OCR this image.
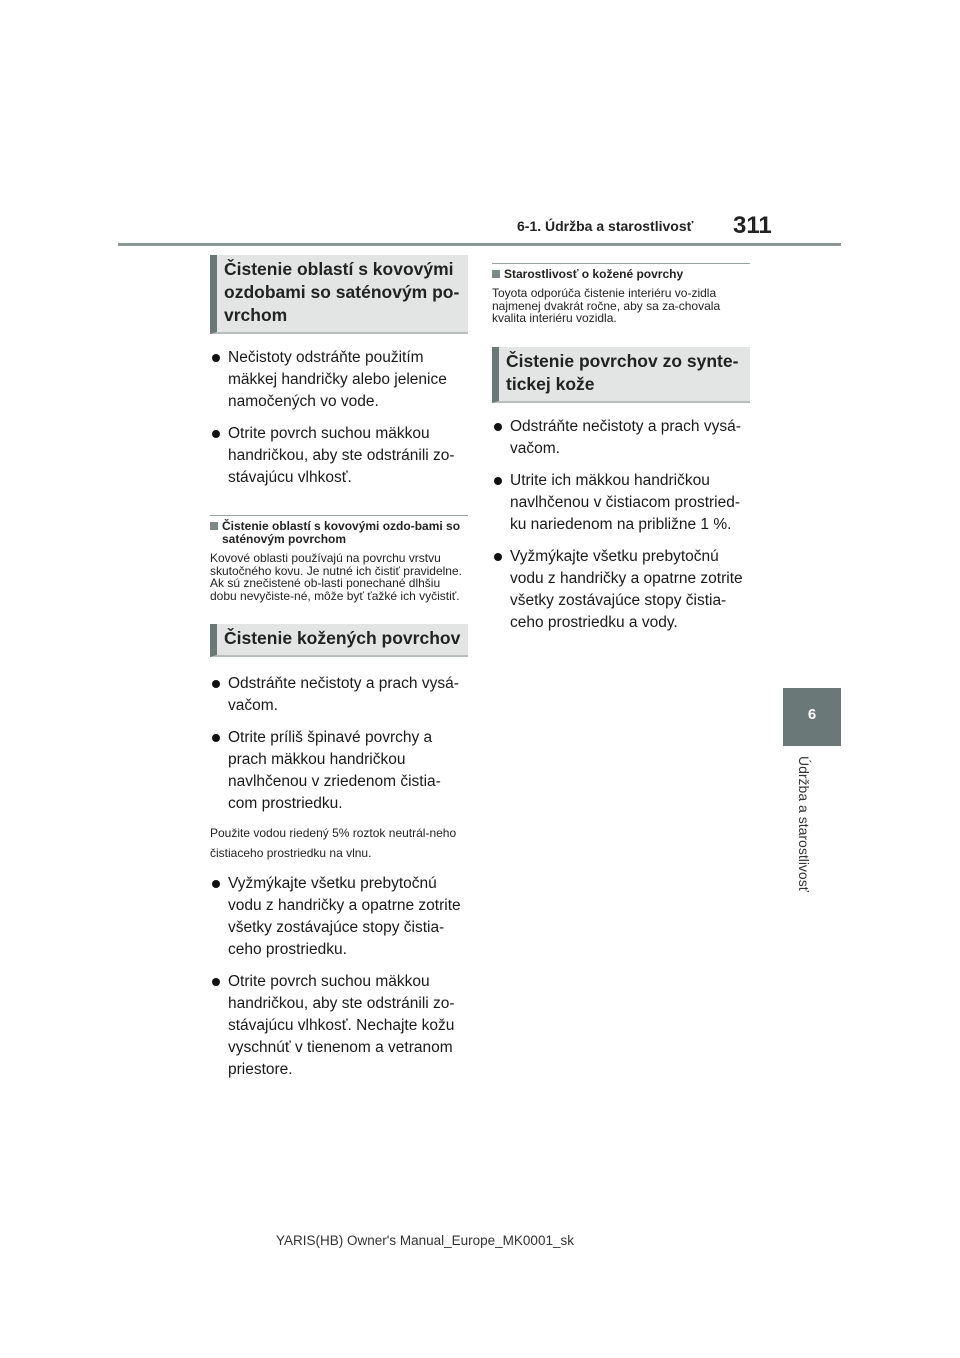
6-1. Údržba a starostlivosť 311
6
Údržba a starostlivosť
Čistenie oblastí s kovovými ozdobami so saténovým po-vrchom
Nečistoty odstráňte použitím mäkkej handričky alebo jelenice namočených vo vode.
Otrite povrch suchou mäkkou handričkou, aby ste odstránili zo-stávajúcu vlhkosť.
Čistenie oblastí s kovovými ozdo-bami so saténovým povrchom
Kovové oblasti používajú na povrchu vrstvu skutočného kovu. Je nutné ich čistiť pravidelne. Ak sú znečistené ob-lasti ponechané dlhšiu dobu nevyčiste-né, môže byť ťažké ich vyčistiť.
Čistenie kožených povrchov
Odstráňte nečistoty a prach vysá-vačom.
Otrite príliš špinavé povrchy a prach mäkkou handričkou navlhčenou v zriedenom čistia-com prostriedku.
Použite vodou riedený 5% roztok neutrál-neho čistiaceho prostriedku na vlnu.
Vyžmýkajte všetku prebytočnú vodu z handričky a opatrne zotrite všetky zostávajúce stopy čistia-ceho prostriedku.
Otrite povrch suchou mäkkou handričkou, aby ste odstránili zo-stávajúcu vlhkosť. Nechajte kožu vyschnúť v tienenom a vetranom priestore.
Starostlivosť o kožené povrchy
Toyota odporúča čistenie interiéru vo-zidla najmenej dvakrát ročne, aby sa za-chovala kvalita interiéru vozidla.
Čistenie povrchov zo synte-tickej kože
Odstráňte nečistoty a prach vysá-vačom.
Utrite ich mäkkou handričkou navlhčenou v čistiacom prostried-ku nariedenom na približne 1 %.
Vyžmýkajte všetku prebytočnú vodu z handričky a opatrne zotrite všetky zostávajúce stopy čistia-ceho prostriedku a vody.
YARIS(HB) Owner's Manual_Europe_MK0001_sk
